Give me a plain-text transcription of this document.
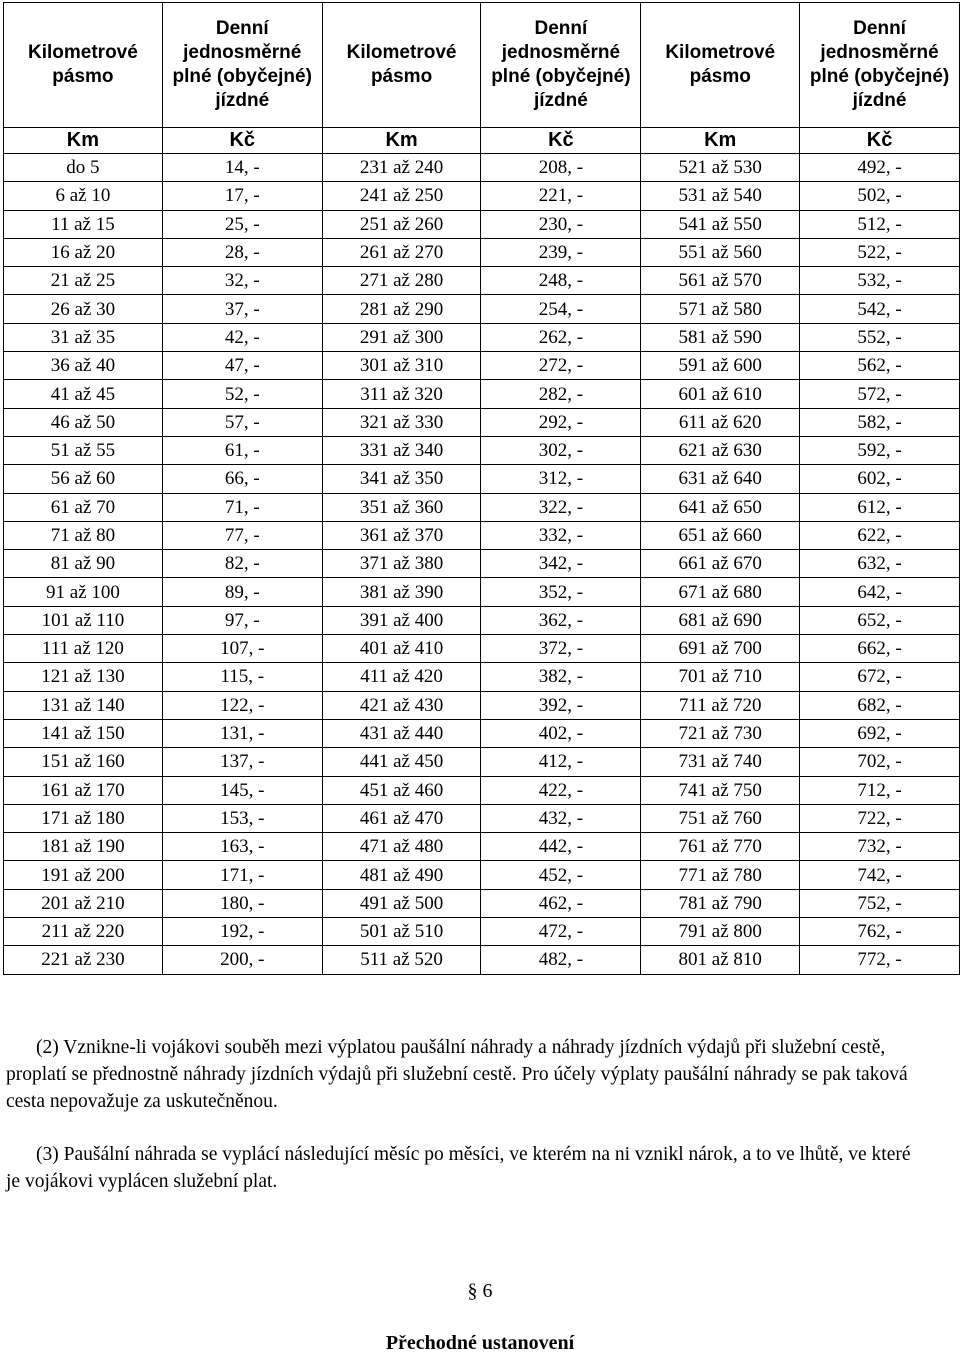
Kilometrové pásmo	Denní jednosměrné plné (obyčejné) jízdné	Kilometrové pásmo	Denní jednosměrné plné (obyčejné) jízdné	Kilometrové pásmo	Denní jednosměrné plné (obyčejné) jízdné
Km	Kč	Km	Kč	Km	Kč
do 5	14, -	231 až 240	208, -	521 až 530	492, -
6 až 10	17, -	241 až 250	221, -	531 až 540	502, -
11 až 15	25, -	251 až 260	230, -	541 až 550	512, -
16 až 20	28, -	261 až 270	239, -	551 až 560	522, -
21 až 25	32, -	271 až 280	248, -	561 až 570	532, -
26 až 30	37, -	281 až 290	254, -	571 až 580	542, -
31 až 35	42, -	291 až 300	262, -	581 až 590	552, -
36 až 40	47, -	301 až 310	272, -	591 až 600	562, -
41 až 45	52, -	311 až 320	282, -	601 až 610	572, -
46 až 50	57, -	321 až 330	292, -	611 až 620	582, -
51 až 55	61, -	331 až 340	302, -	621 až 630	592, -
56 až 60	66, -	341 až 350	312, -	631 až 640	602, -
61 až 70	71, -	351 až 360	322, -	641 až 650	612, -
71 až 80	77, -	361 až 370	332, -	651 až 660	622, -
81 až 90	82, -	371 až 380	342, -	661 až 670	632, -
91 až 100	89, -	381 až 390	352, -	671 až 680	642, -
101 až 110	97, -	391 až 400	362, -	681 až 690	652, -
111 až 120	107, -	401 až 410	372, -	691 až 700	662, -
121 až 130	115, -	411 až 420	382, -	701 až 710	672, -
131 až 140	122, -	421 až 430	392, -	711 až 720	682, -
141 až 150	131, -	431 až 440	402, -	721 až 730	692, -
151 až 160	137, -	441 až 450	412, -	731 až 740	702, -
161 až 170	145, -	451 až 460	422, -	741 až 750	712, -
171 až 180	153, -	461 až 470	432, -	751 až 760	722, -
181 až 190	163, -	471 až 480	442, -	761 až 770	732, -
191 až 200	171, -	481 až 490	452, -	771 až 780	742, -
201 až 210	180, -	491 až 500	462, -	781 až 790	752, -
211 až 220	192, -	501 až 510	472, -	791 až 800	762, -
221 až 230	200, -	511 až 520	482, -	801 až 810	772, -

(2) Vznikne-li vojákovi souběh mezi výplatou paušální náhrady a náhrady jízdních výdajů při služební cestě, proplatí se přednostně náhrady jízdních výdajů při služební cestě. Pro účely výplaty paušální náhrady se pak taková cesta nepovažuje za uskutečněnou.

(3) Paušální náhrada se vyplácí následující měsíc po měsíci, ve kterém na ni vznikl nárok, a to ve lhůtě, ve které je vojákovi vyplácen služební plat.

§ 6
Přechodné ustanovení
